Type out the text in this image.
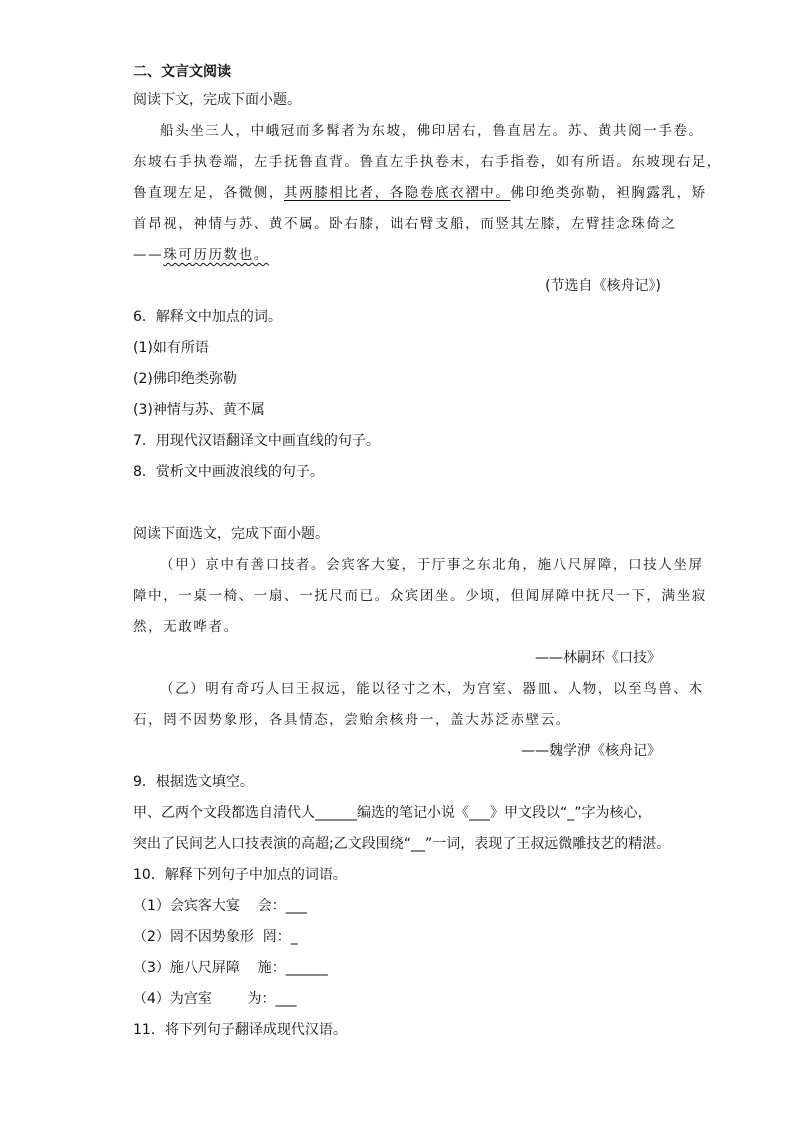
二、文言文阅读
阅读下文，完成下面小题。
船头坐三人，中峨冠而多髯者为东坡，佛印居右，鲁直居左。苏、黄共阅一手卷。
东坡右手执卷端，左手抚鲁直背。鲁直左手执卷末，右手指卷，如有所语。东坡现右足，
鲁直现左足，各微侧，其两膝相比者，各隐卷底衣褶中。佛印绝类弥勒，袒胸露乳，矫
首昂视，神情与苏、黄不属。卧右膝，诎右臂支船，而竖其左膝，左臂挂念珠倚之
——珠可历历数也。
(节选自《核舟记》)
6．解释文中加点的词。
(1)如有所语
(2)佛印绝类弥勒
(3)神情与苏、黄不属
7．用现代汉语翻译文中画直线的句子。
8．赏析文中画波浪线的句子。
阅读下面选文，完成下面小题。
（甲）京中有善口技者。会宾客大宴，于厅事之东北角，施八尺屏障，口技人坐屏
障中，一桌一椅、一扇、一抚尺而已。众宾团坐。少顷，但闻屏障中抚尺一下，满坐寂
然，无敢哗者。
——林嗣环《口技》
（乙）明有奇巧人曰王叔远，能以径寸之木，为宫室、器皿、人物，以至鸟兽、木
石，罔不因势象形，各具情态，尝贻余核舟一，盖大苏泛赤壁云。
——魏学洢《核舟记》
9．根据选文填空。
甲、乙两个文段都选自清代人______编选的笔记小说《___》甲文段以“_”字为核心，
突出了民间艺人口技表演的高超;乙文段围绕“__”一词，表现了王叔远微雕技艺的精湛。
10．解释下列句子中加点的词语。
（1）会宾客大宴    会：___
（2）罔不因势象形  罔：_
（3）施八尺屏障    施：______
（4）为宫室        为：___
11．将下列句子翻译成现代汉语。
